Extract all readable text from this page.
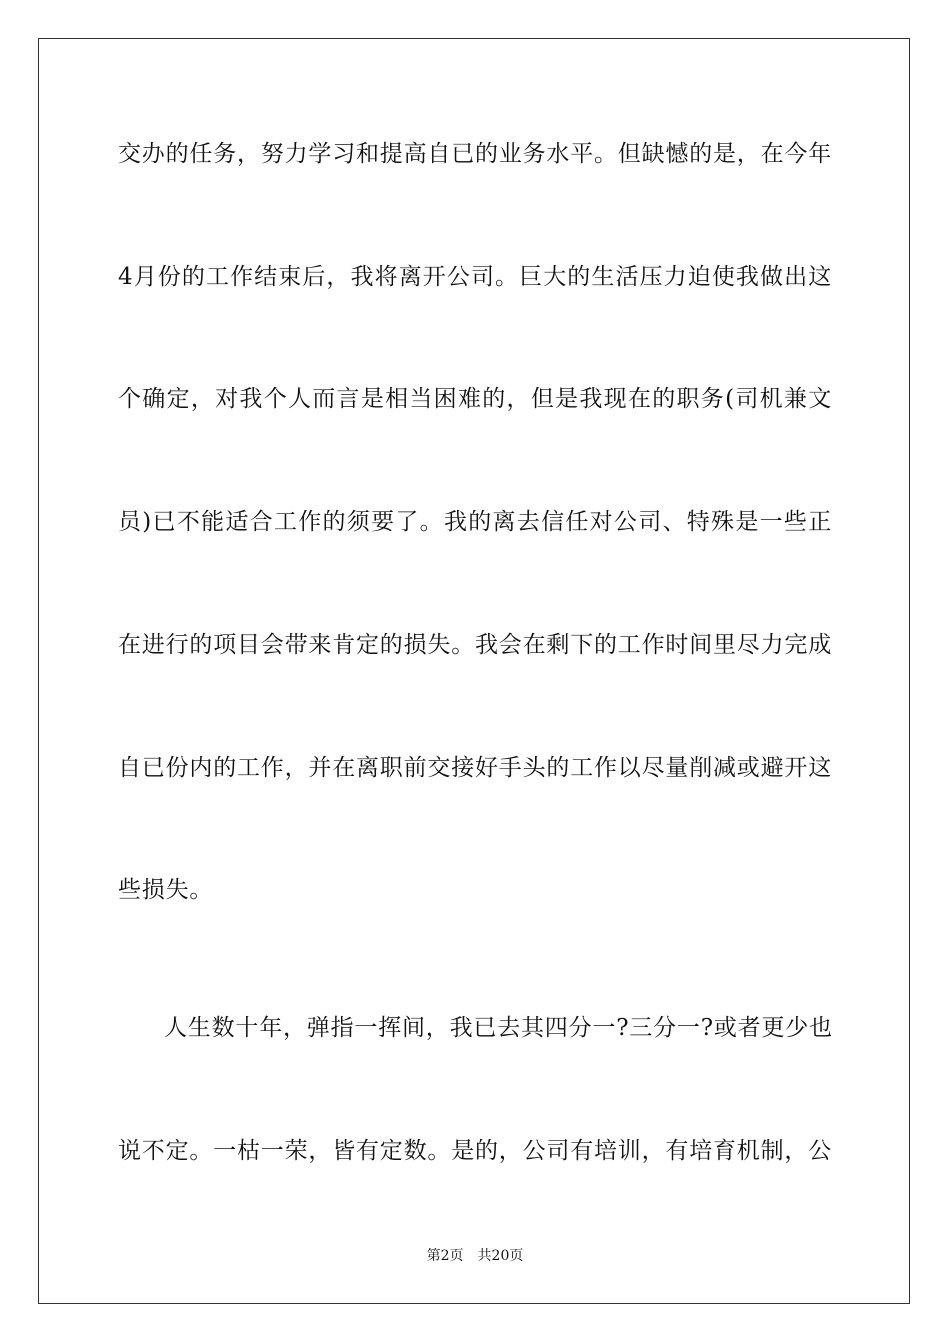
交办的任务，努力学习和提高自已的业务水平。但缺憾的是，在今年
4月份的工作结束后，我将离开公司。巨大的生活压力迫使我做出这
个确定，对我个人而言是相当困难的，但是我现在的职务(司机兼文
员)已不能适合工作的须要了。我的离去信任对公司、特殊是一些正
在进行的项目会带来肯定的损失。我会在剩下的工作时间里尽力完成
自已份内的工作，并在离职前交接好手头的工作以尽量削减或避开这
些损失。
人生数十年，弹指一挥间，我已去其四分一?三分一?或者更少也
说不定。一枯一荣，皆有定数。是的，公司有培训，有培育机制，公
第2页 共20页
